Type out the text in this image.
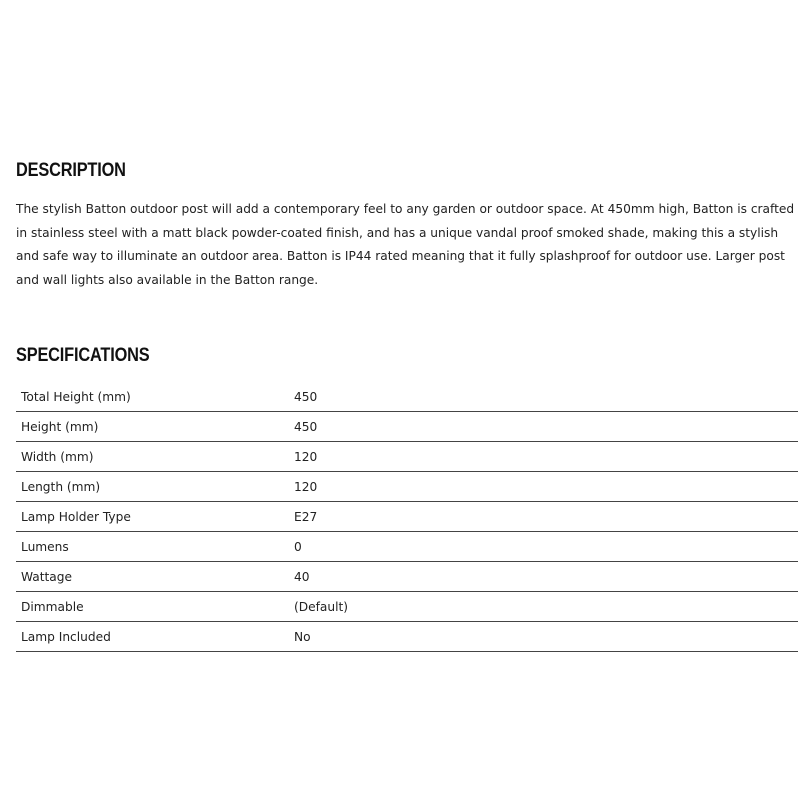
DESCRIPTION

The stylish Batton outdoor post will add a contemporary feel to any garden or outdoor space. At 450mm high, Batton is crafted in stainless steel with a matt black powder-coated finish, and has a unique vandal proof smoked shade, making this a stylish and safe way to illuminate an outdoor area. Batton is IP44 rated meaning that it fully splashproof for outdoor use. Larger post and wall lights also available in the Batton range.

SPECIFICATIONS
Total Height (mm)	450
Height (mm)	450
Width (mm)	120
Length (mm)	120
Lamp Holder Type	E27
Lumens	0
Wattage	40
Dimmable	(Default)
Lamp Included	No
